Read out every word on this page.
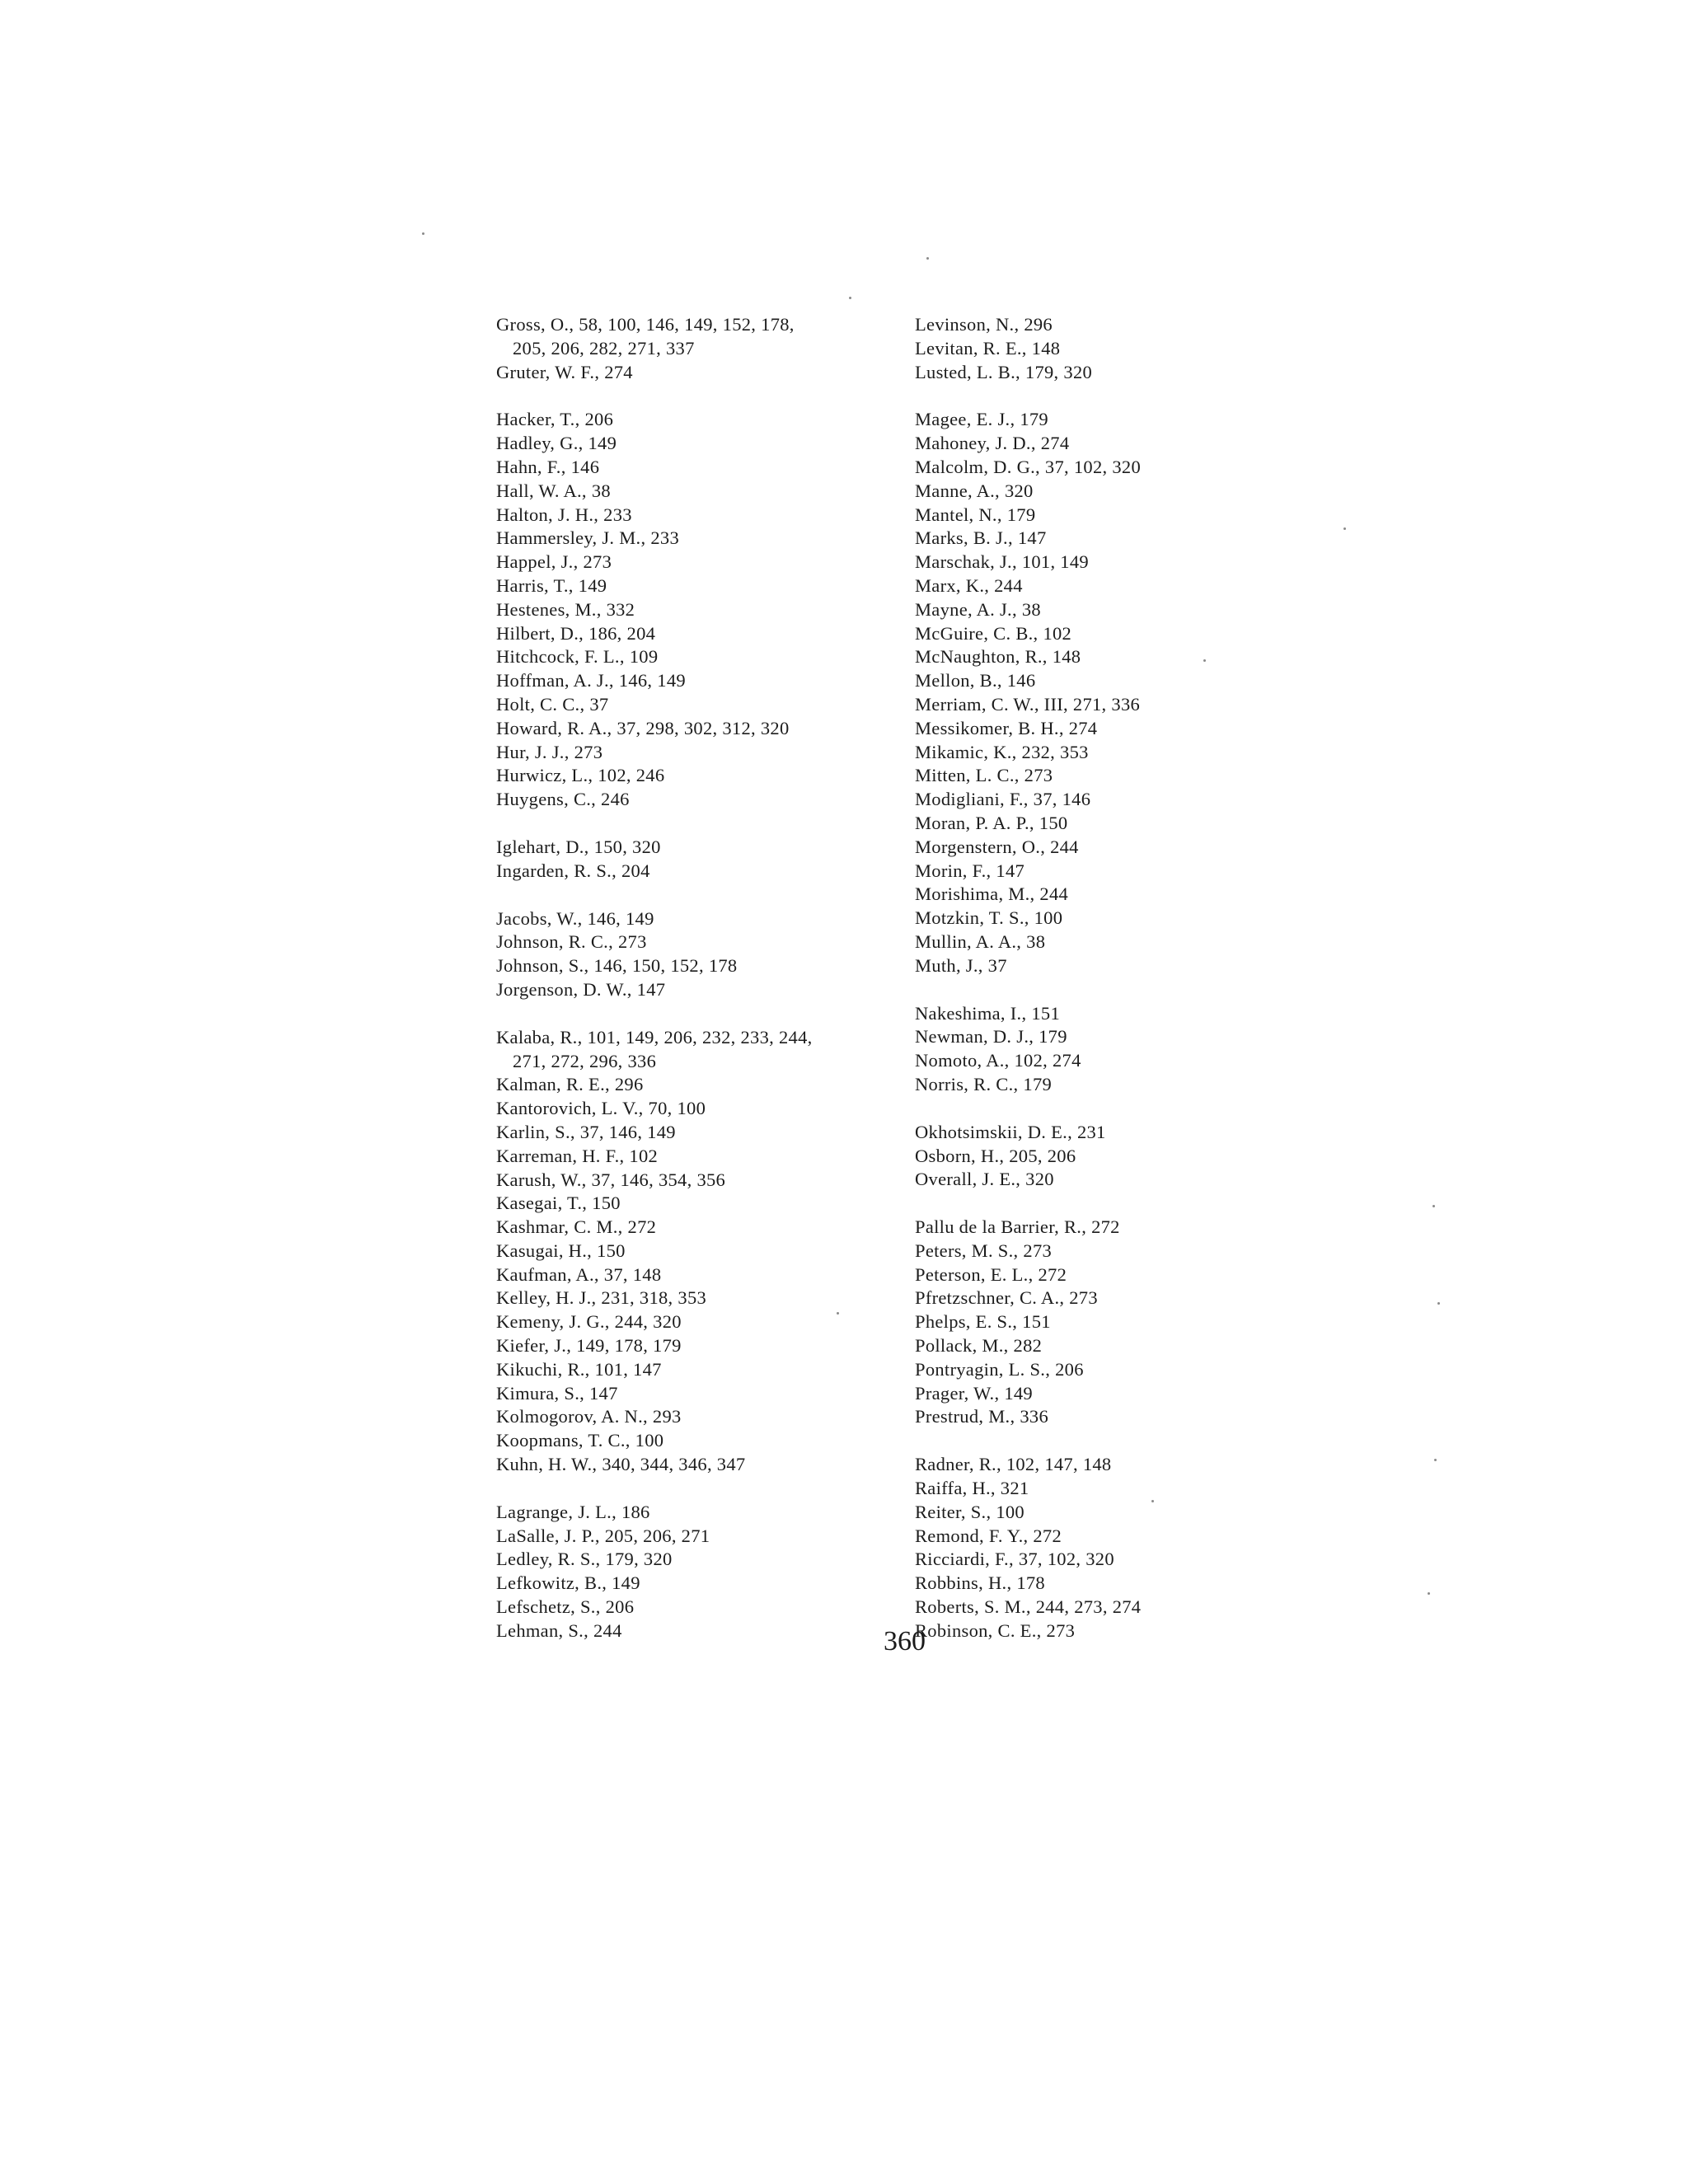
Gross, O., 58, 100, 146, 149, 152, 178,
205, 206, 282, 271, 337
Gruter, W. F., 274
Hacker, T., 206
Hadley, G., 149
Hahn, F., 146
Hall, W. A., 38
Halton, J. H., 233
Hammersley, J. M., 233
Happel, J., 273
Harris, T., 149
Hestenes, M., 332
Hilbert, D., 186, 204
Hitchcock, F. L., 109
Hoffman, A. J., 146, 149
Holt, C. C., 37
Howard, R. A., 37, 298, 302, 312, 320
Hur, J. J., 273
Hurwicz, L., 102, 246
Huygens, C., 246
Iglehart, D., 150, 320
Ingarden, R. S., 204
Jacobs, W., 146, 149
Johnson, R. C., 273
Johnson, S., 146, 150, 152, 178
Jorgenson, D. W., 147
Kalaba, R., 101, 149, 206, 232, 233, 244,
271, 272, 296, 336
Kalman, R. E., 296
Kantorovich, L. V., 70, 100
Karlin, S., 37, 146, 149
Karreman, H. F., 102
Karush, W., 37, 146, 354, 356
Kasegai, T., 150
Kashmar, C. M., 272
Kasugai, H., 150
Kaufman, A., 37, 148
Kelley, H. J., 231, 318, 353
Kemeny, J. G., 244, 320
Kiefer, J., 149, 178, 179
Kikuchi, R., 101, 147
Kimura, S., 147
Kolmogorov, A. N., 293
Koopmans, T. C., 100
Kuhn, H. W., 340, 344, 346, 347
Lagrange, J. L., 186
LaSalle, J. P., 205, 206, 271
Ledley, R. S., 179, 320
Lefkowitz, B., 149
Lefschetz, S., 206
Lehman, S., 244
Levinson, N., 296
Levitan, R. E., 148
Lusted, L. B., 179, 320
Magee, E. J., 179
Mahoney, J. D., 274
Malcolm, D. G., 37, 102, 320
Manne, A., 320
Mantel, N., 179
Marks, B. J., 147
Marschak, J., 101, 149
Marx, K., 244
Mayne, A. J., 38
McGuire, C. B., 102
McNaughton, R., 148
Mellon, B., 146
Merriam, C. W., III, 271, 336
Messikomer, B. H., 274
Mikamic, K., 232, 353
Mitten, L. C., 273
Modigliani, F., 37, 146
Moran, P. A. P., 150
Morgenstern, O., 244
Morin, F., 147
Morishima, M., 244
Motzkin, T. S., 100
Mullin, A. A., 38
Muth, J., 37
Nakeshima, I., 151
Newman, D. J., 179
Nomoto, A., 102, 274
Norris, R. C., 179
Okhotsimskii, D. E., 231
Osborn, H., 205, 206
Overall, J. E., 320
Pallu de la Barrier, R., 272
Peters, M. S., 273
Peterson, E. L., 272
Pfretzschner, C. A., 273
Phelps, E. S., 151
Pollack, M., 282
Pontryagin, L. S., 206
Prager, W., 149
Prestrud, M., 336
Radner, R., 102, 147, 148
Raiffa, H., 321
Reiter, S., 100
Remond, F. Y., 272
Ricciardi, F., 37, 102, 320
Robbins, H., 178
Roberts, S. M., 244, 273, 274
Robinson, C. E., 273
360
